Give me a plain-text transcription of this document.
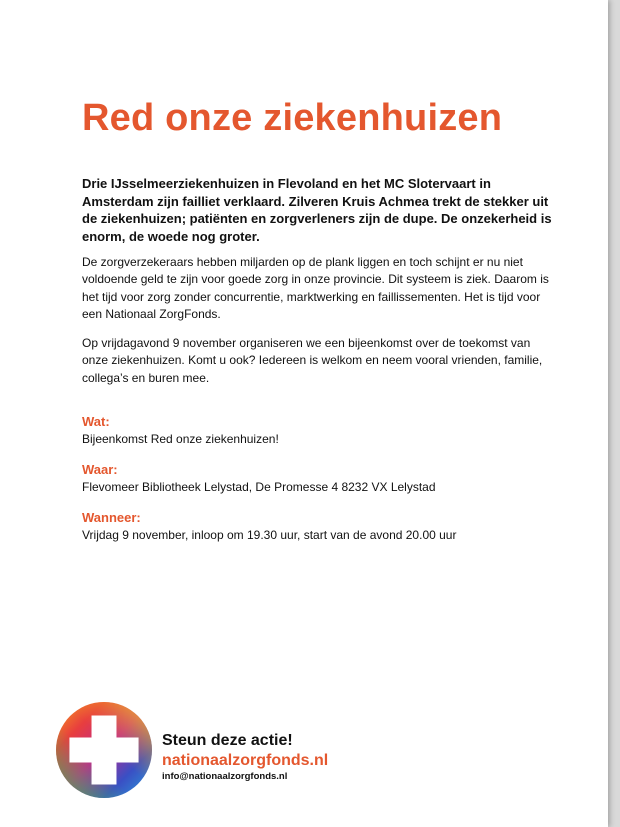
Red onze ziekenhuizen

Drie IJsselmeerziekenhuizen in Flevoland en het MC Slotervaart in Amsterdam zijn failliet verklaard. Zilveren Kruis Achmea trekt de stekker uit de ziekenhuizen; patiënten en zorgverleners zijn de dupe. De onzekerheid is enorm, de woede nog groter.

De zorgverzekeraars hebben miljarden op de plank liggen en toch schijnt er nu niet voldoende geld te zijn voor goede zorg in onze provincie. Dit systeem is ziek. Daarom is het tijd voor zorg zonder concurrentie, marktwerking en faillissementen. Het is tijd voor een Nationaal ZorgFonds.

Op vrijdagavond 9 november organiseren we een bijeenkomst over de toekomst van onze ziekenhuizen. Komt u ook? Iedereen is welkom en neem vooral vrienden, familie, collega’s en buren mee.

Wat:

Bijeenkomst Red onze ziekenhuizen!

Waar:

Flevomeer Bibliotheek Lelystad, De Promesse 4 8232 VX Lelystad

Wanneer:

Vrijdag 9 november, inloop om 19.30 uur, start van de avond 20.00 uur

Steun deze actie!

nationaalzorgfonds.nl

info@nationaalzorgfonds.nl
